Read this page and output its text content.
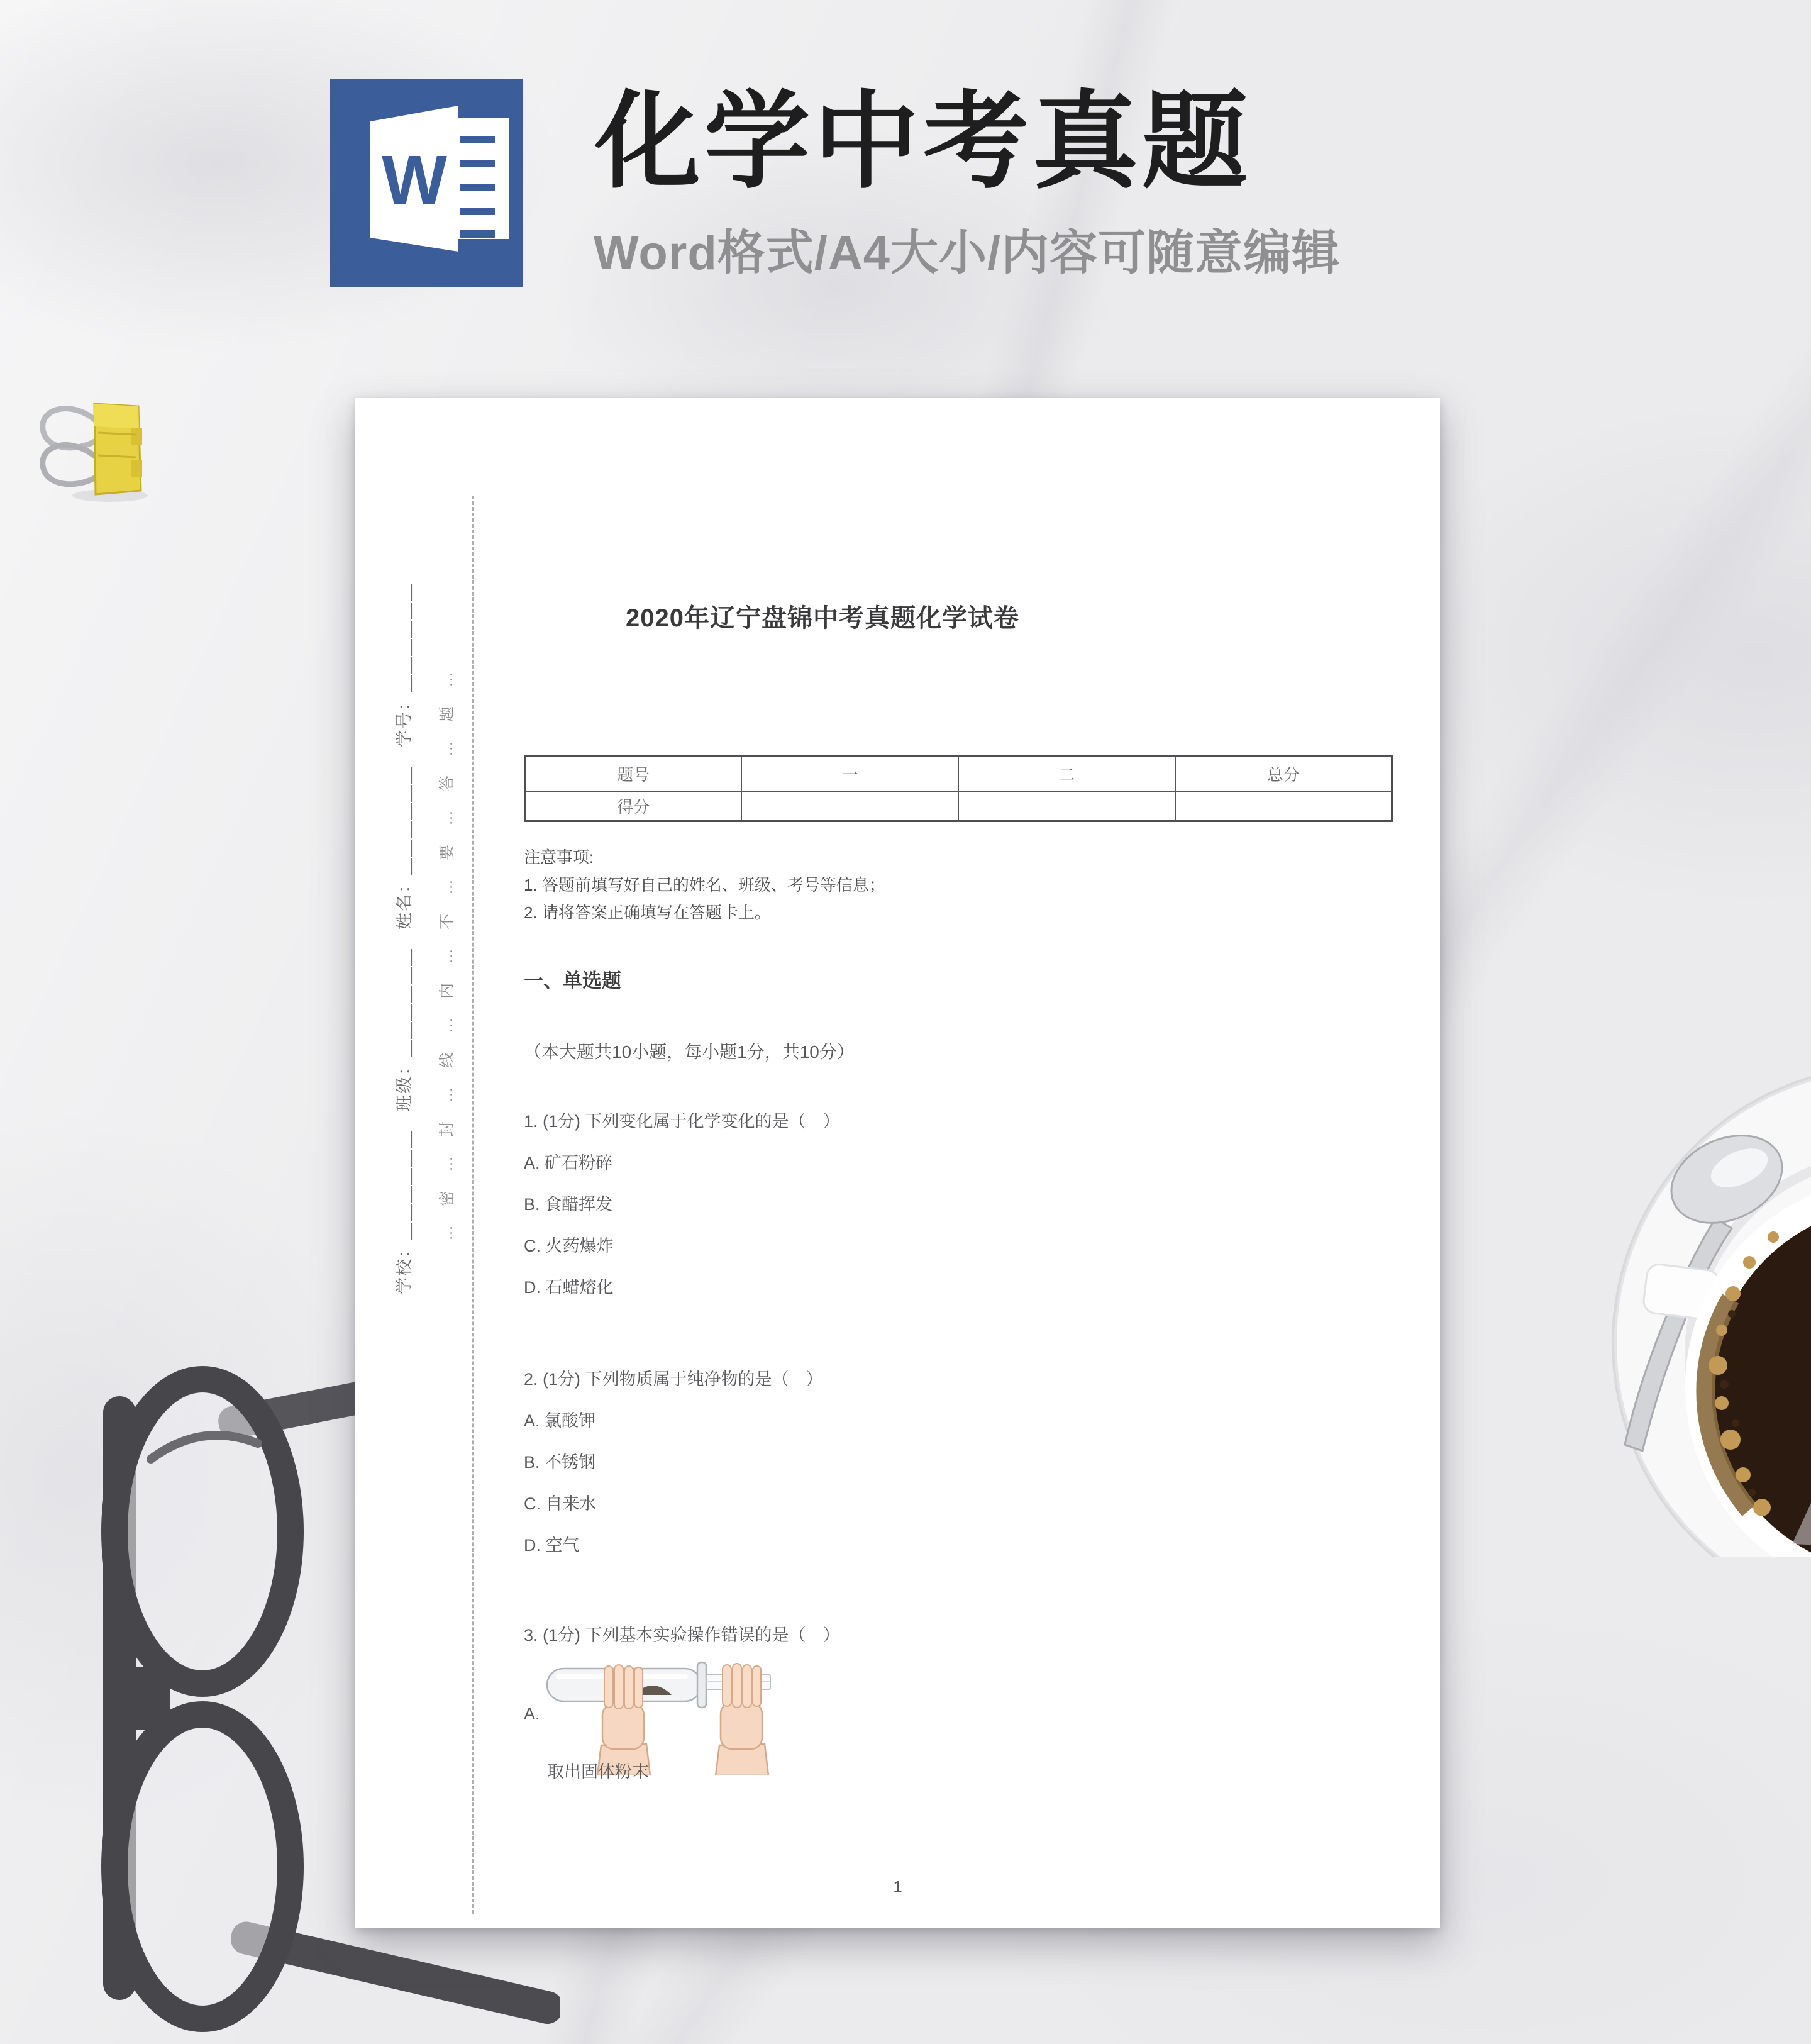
W 化学中考真题
Word格式/A4大小/内容可随意编辑
学校：＿＿＿＿＿＿　班级：＿＿＿＿＿＿　姓名：＿＿＿＿＿＿　学号：＿＿＿＿＿＿ …密…封…线…内…不…要…答…题…
2020年辽宁盘锦中考真题化学试卷
题号	一	二	总分
得分			
注意事项:
1. 答题前填写好自己的姓名、班级、考号等信息；
2. 请将答案正确填写在答题卡上。
一、单选题
（本大题共10小题，每小题1分，共10分）
1. (1分) 下列变化属于化学变化的是（　）
A. 矿石粉碎
B. 食醋挥发
C. 火药爆炸
D. 石蜡熔化
2. (1分) 下列物质属于纯净物的是（　）
A. 氯酸钾
B. 不锈钢
C. 自来水
D. 空气
3. (1分) 下列基本实验操作错误的是（　）
A.
取出固体粉末
1
